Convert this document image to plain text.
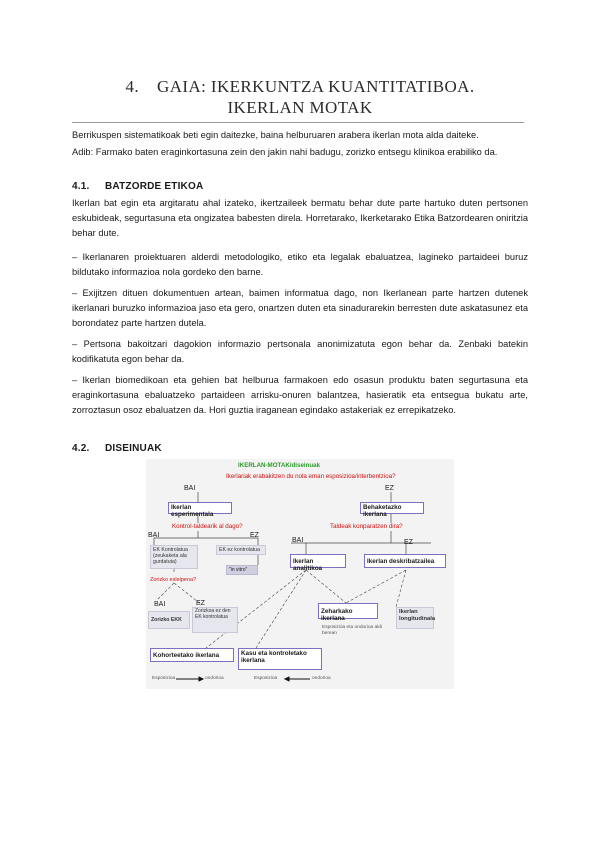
4. GAIA: IKERKUNTZA KUANTITATIBOA.
IKERLAN MOTAK
Berrikuspen sistematikoak beti egin daitezke, baina helburuaren arabera ikerlan mota alda daiteke.
Adib: Farmako baten eraginkortasuna zein den jakin nahi badugu, zorizko entsegu klinikoa erabiliko da.
4.1. BATZORDE ETIKOA
Ikerlan bat egin eta argitaratu ahal izateko, ikertzaileek bermatu behar dute parte hartuko duten pertsonen eskubideak, segurtasuna eta ongizatea babesten direla. Horretarako, Ikerketarako Etika Batzordearen oniritzia behar dute.
– Ikerlanaren proiektuaren alderdi metodologiko, etiko eta legalak ebaluatzea, lagineko partaideei buruz bildutako informazioa nola gordeko den barne.
– Exijitzen dituen dokumentuen artean, baimen informatua dago, non Ikerlanean parte hartzen dutenek ikerlanari buruzko informazioa jaso eta gero, onartzen duten eta sinadurarekin berresten dute askatasunez eta borondatez parte hartzen dutela.
– Pertsona bakoitzari dagokion informazio pertsonala anonimizatuta egon behar da. Zenbaki batekin kodifikatuta egon behar da.
– Ikerlan biomedikoan eta gehien bat helburua farmakoen edo osasun produktu baten segurtasuna eta eraginkortasuna ebaluatzeko partaideen arrisku-onuren balantzea, hasieratik eta entsegua bukatu arte, zorroztasun osoz ebaluatzen da. Hori guztia iraganean egindako astakeriak ez errepikatzeko.
4.2. DISEINUAK
IKERLAN-MOTAK/diseinuak
Ikerlariak erabakitzen du nola eman esposizioa/interbentzioa?
BAI	EZ
Ikerlan esperimentala
Behaketazko ikerlana
Kontrol-taldearik al dago?	Taldeak konparatzen dira?
BAI	EZ
BAI	EZ
EK Kontrolatua (zeukaketa ala gurdatuta)
EK ez kontrolatua
"in vitro"
Ikerlan analitikoa
Ikerlan deskribatzailea
Zorizko esleipena?
BAI	EZ
Zorizko EKK
Zorizkoa ez den EK kontrolatua
Zeharkako ikerlana
Esposizioa eta ondorioa aldi berean
Ikerlan longitudinala
Kohorteetako ikerlana	Kasu eta kontroletako ikerlana
Esposizioa	ondorioa	Esposizioa	ondorioa
